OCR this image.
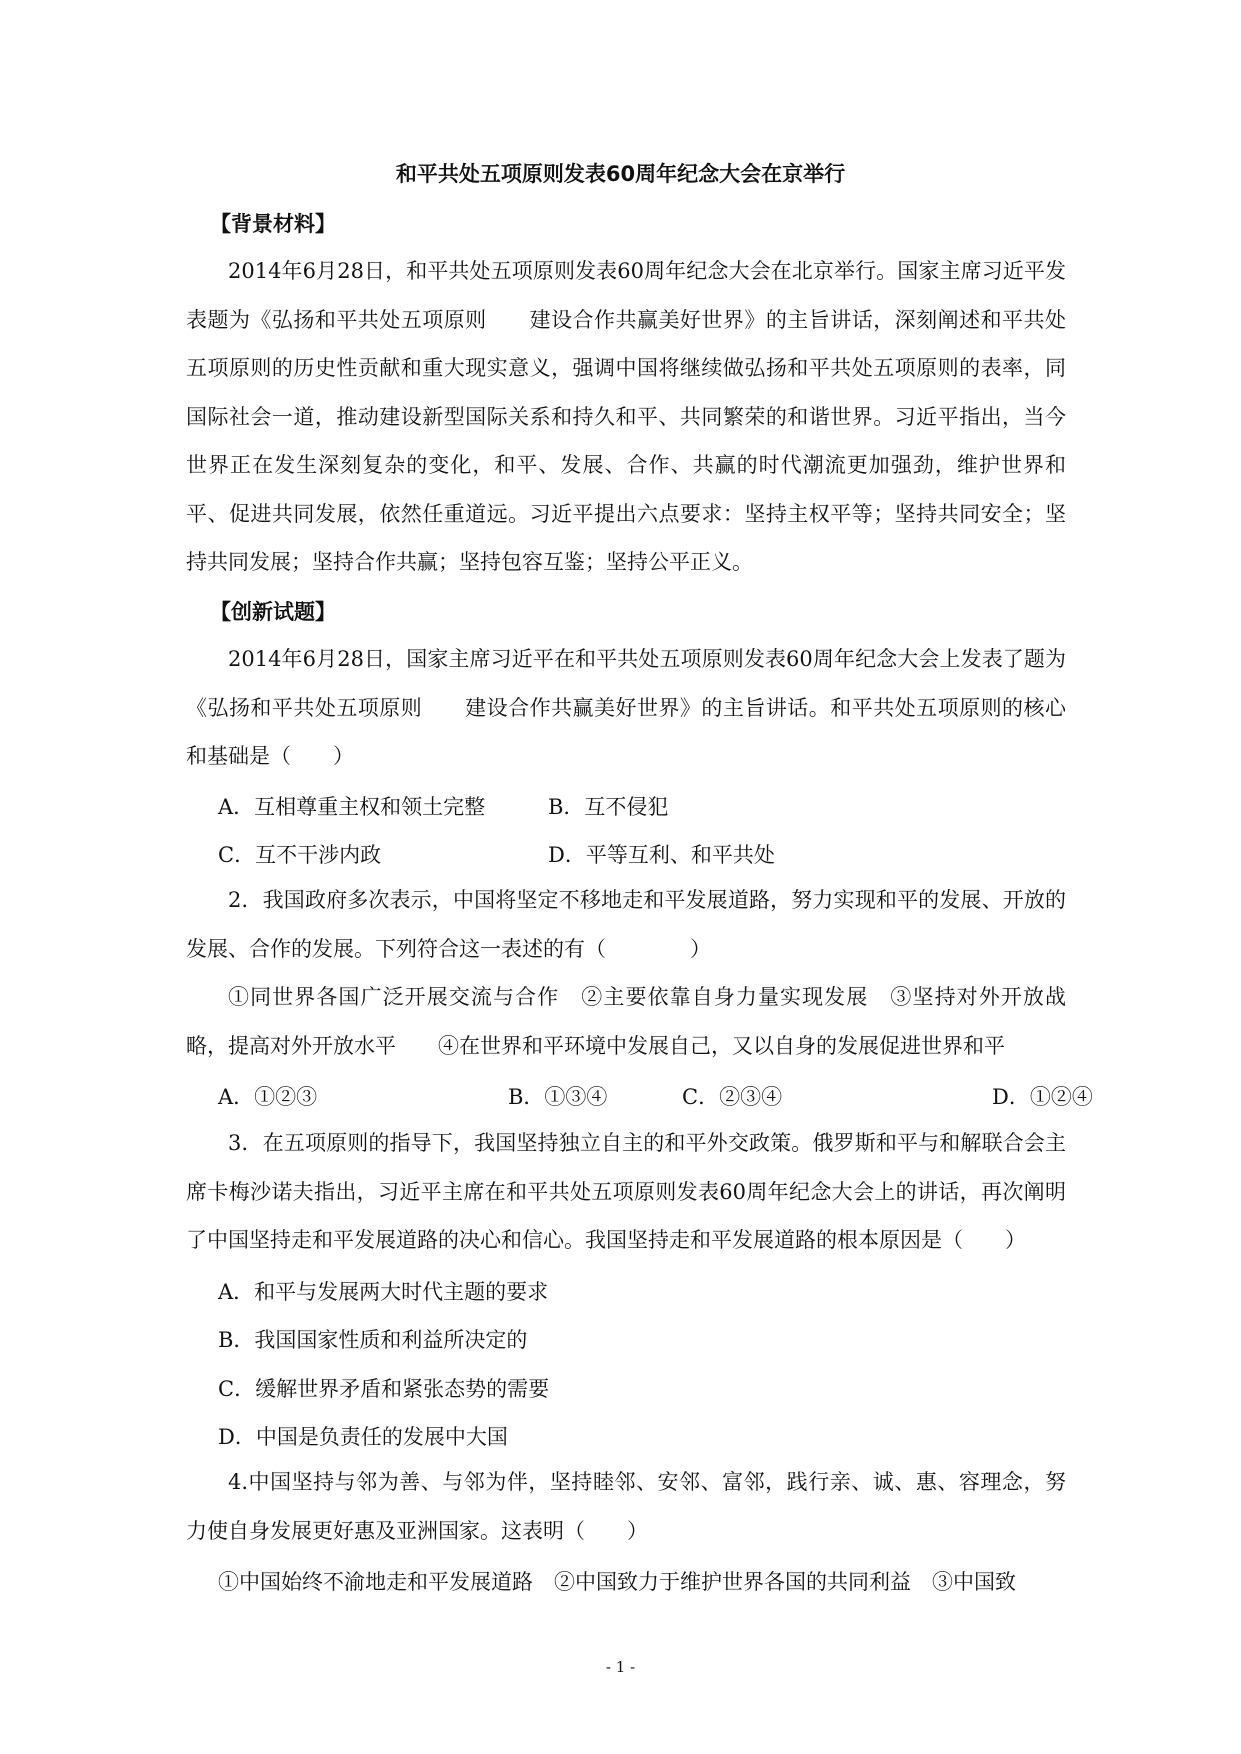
和平共处五项原则发表60周年纪念大会在京举行
【背景材料】

2014年6月28日，和平共处五项原则发表60周年纪念大会在北京举行。国家主席习近平发表题为《弘扬和平共处五项原则　　建设合作共赢美好世界》的主旨讲话，深刻阐述和平共处五项原则的历史性贡献和重大现实意义，强调中国将继续做弘扬和平共处五项原则的表率，同国际社会一道，推动建设新型国际关系和持久和平、共同繁荣的和谐世界。习近平指出，当今世界正在发生深刻复杂的变化，和平、发展、合作、共赢的时代潮流更加强劲，维护世界和平、促进共同发展，依然任重道远。习近平提出六点要求：坚持主权平等；坚持共同安全；坚持共同发展；坚持合作共赢；坚持包容互鉴；坚持公平正义。

【创新试题】

2014年6月28日，国家主席习近平在和平共处五项原则发表60周年纪念大会上发表了题为《弘扬和平共处五项原则　　建设合作共赢美好世界》的主旨讲话。和平共处五项原则的核心和基础是（　　）

A．互相尊重主权和领土完整	B．互不侵犯
C．互不干涉内政	D．平等互利、和平共处

2．我国政府多次表示，中国将坚定不移地走和平发展道路，努力实现和平的发展、开放的发展、合作的发展。下列符合这一表述的有（　　　　）

①同世界各国广泛开展交流与合作　②主要依靠自身力量实现发展　③坚持对外开放战略，提高对外开放水平　　④在世界和平环境中发展自己，又以自身的发展促进世界和平

A．①②③	B．①③④	C．②③④	D．①②④

3．在五项原则的指导下，我国坚持独立自主的和平外交政策。俄罗斯和平与和解联合会主席卡梅沙诺夫指出，习近平主席在和平共处五项原则发表60周年纪念大会上的讲话，再次阐明了中国坚持走和平发展道路的决心和信心。我国坚持走和平发展道路的根本原因是（　　）

A．和平与发展两大时代主题的要求
B．我国国家性质和利益所决定的
C．缓解世界矛盾和紧张态势的需要
D．中国是负责任的发展中大国

4.中国坚持与邻为善、与邻为伴，坚持睦邻、安邻、富邻，践行亲、诚、惠、容理念，努力使自身发展更好惠及亚洲国家。这表明（　　）

①中国始终不渝地走和平发展道路　②中国致力于维护世界各国的共同利益　③中国致
- 1 -
